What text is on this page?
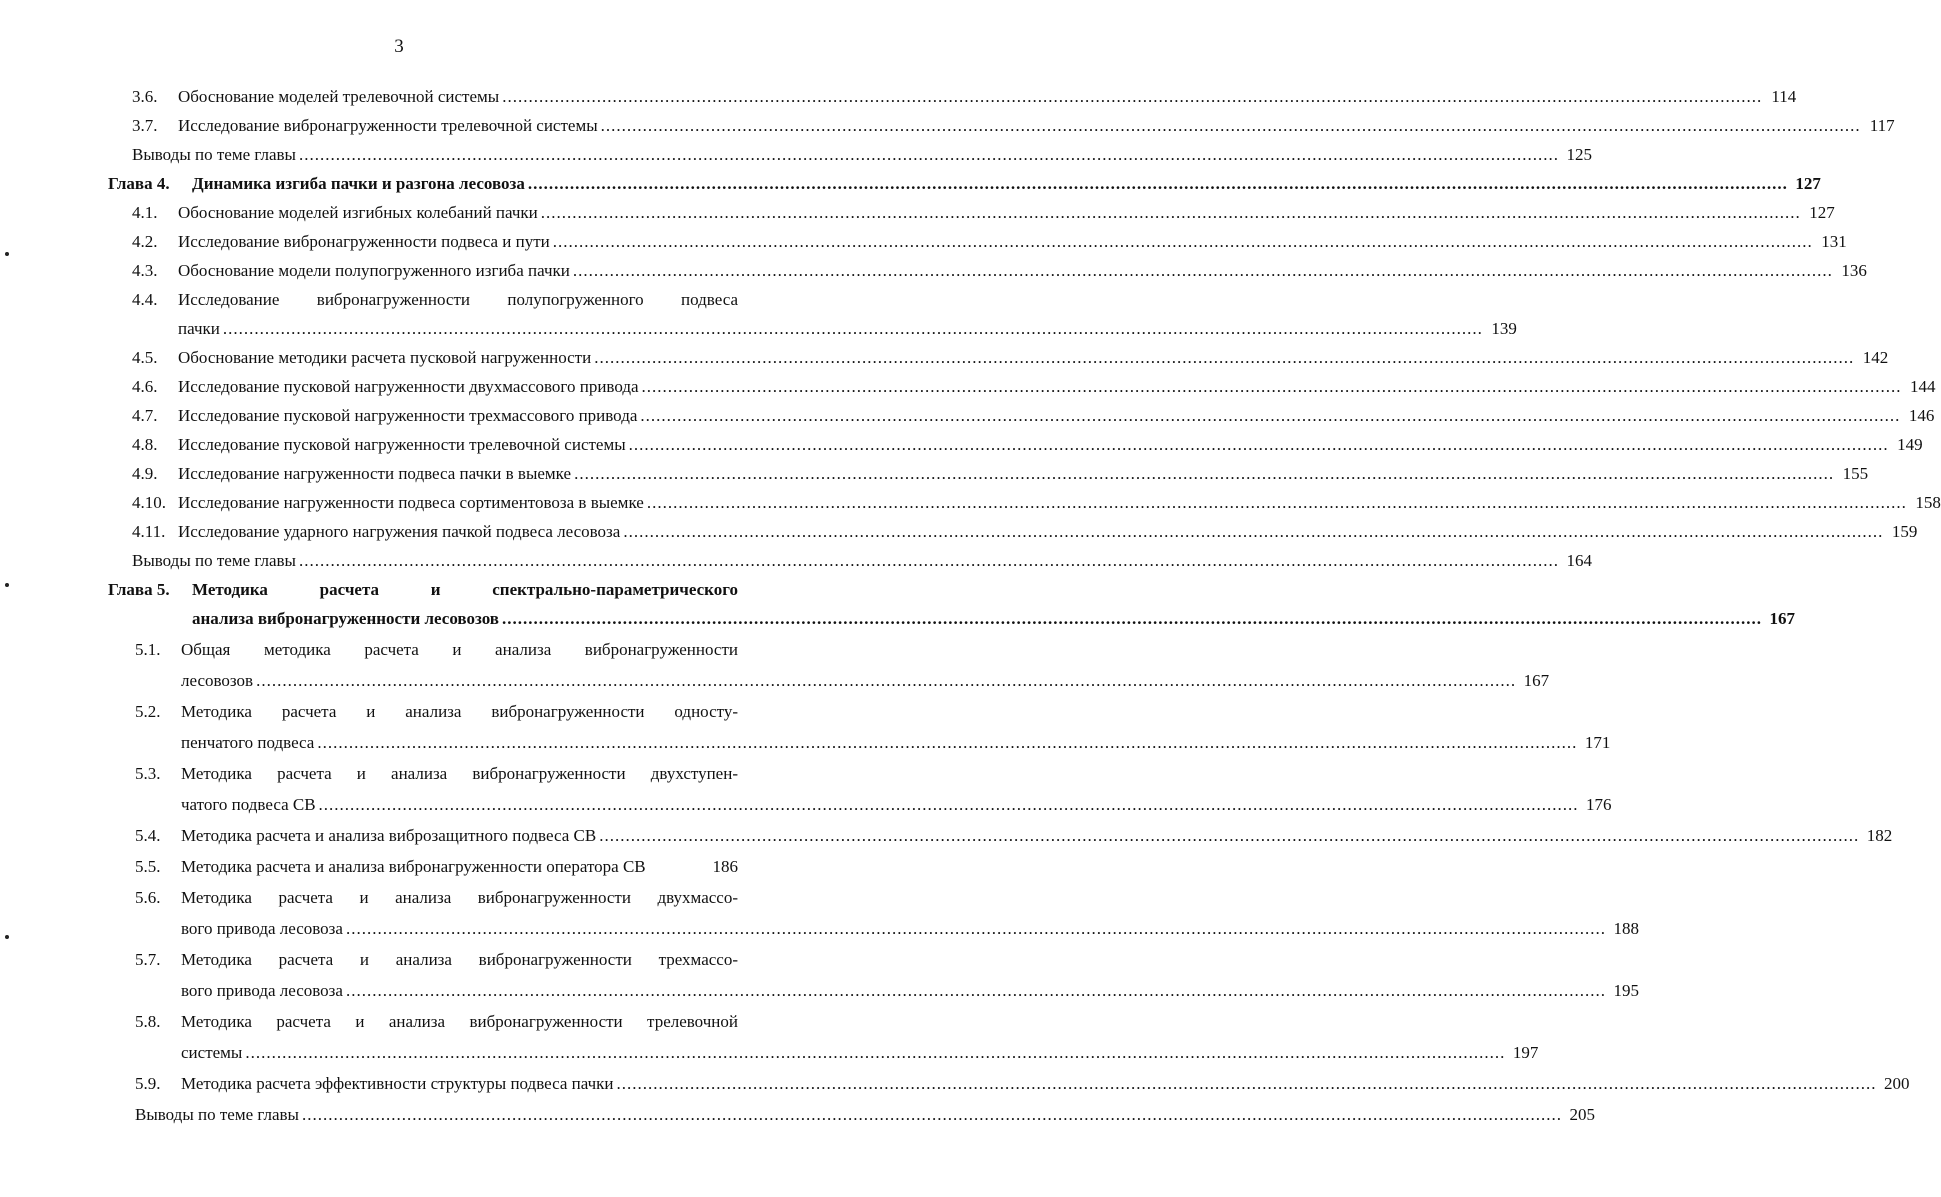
3
3.6.	Обоснование моделей трелевочной системы .....	114
3.7.	Исследование вибронагруженности трелевочной системы .....	117
Выводы по теме главы .....	125
Глава 4.	Динамика изгиба пачки и разгона лесовоза .....	127
4.1.	Обоснование моделей изгибных колебаний пачки .....	127
4.2.	Исследование вибронагруженности подвеса и пути .....	131
4.3.	Обоснование модели полупогруженного изгиба пачки .....	136
4.4.	Исследование вибронагруженности полупогруженного подвеса
пачки .....	139
4.5.	Обоснование методики расчета пусковой нагруженности .....	142
4.6.	Исследование пусковой нагруженности двухмассового привода .....	144
4.7.	Исследование пусковой нагруженности трехмассового привода .....	146
4.8.	Исследование пусковой нагруженности трелевочной системы .....	149
4.9.	Исследование нагруженности подвеса пачки в выемке .....	155
4.10. Исследование нагруженности подвеса сортиментовоза в выемке .....	158
4.11. Исследование ударного нагружения пачкой подвеса лесовоза .....	159
Выводы по теме главы .....	164
Глава 5.	Методика расчета и спектрально-параметрического
анализа вибронагруженности лесовозов .....	167
5.1.	Общая методика расчета и анализа вибронагруженности
лесовозов .....	167
5.2.	Методика расчета и анализа вибронагруженности односту-
пенчатого подвеса .....	171
5.3.	Методика расчета и анализа вибронагруженности двухступен-
чатого подвеса СВ .....	176
5.4.	Методика расчета и анализа виброзащитного подвеса СВ .....	182
5.5.	Методика расчета и анализа вибронагруженности оператора СВ	186
5.6.	Методика расчета и анализа вибронагруженности двухмассо-
вого привода лесовоза .....	188
5.7.	Методика расчета и анализа вибронагруженности трехмассо-
вого привода лесовоза .....	195
5.8.	Методика расчета и анализа вибронагруженности трелевочной
системы .....	197
5.9.	Методика расчета эффективности структуры подвеса пачки .....	200
Выводы по теме главы .....	205
